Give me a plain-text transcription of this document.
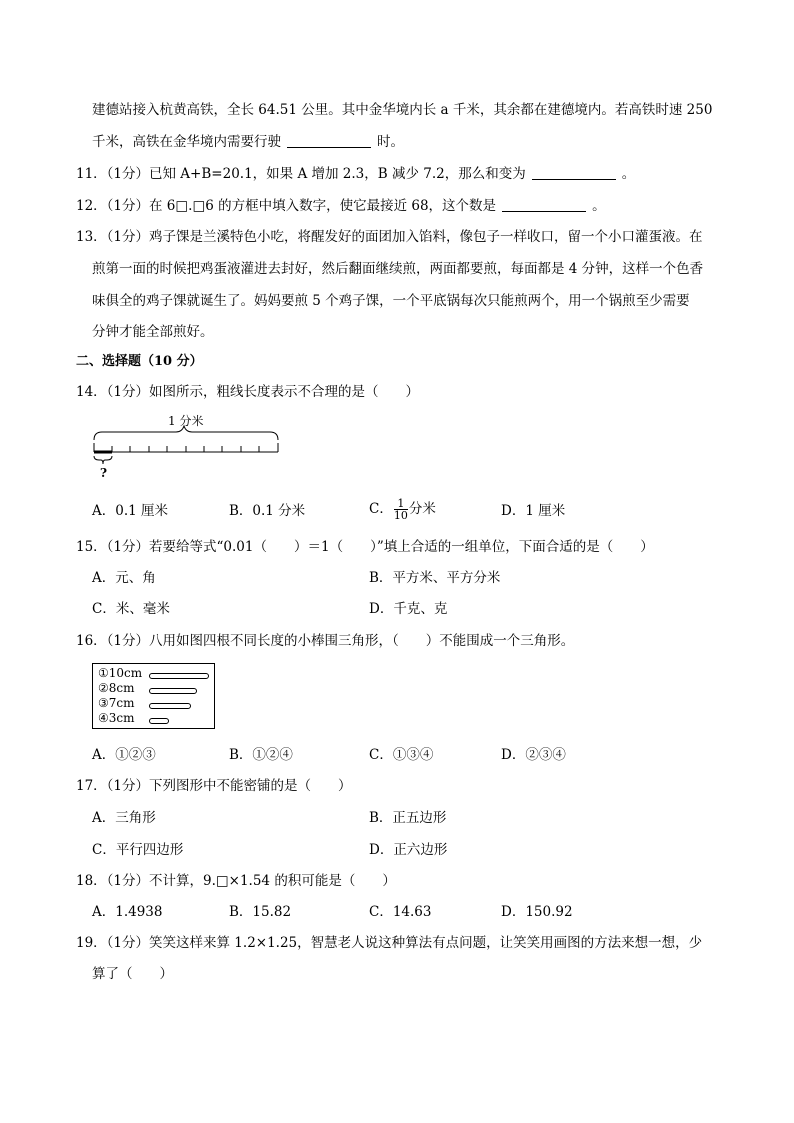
建德站接入杭黄高铁，全长 64.51 公里。其中金华境内长 a 千米，其余都在建德境内。若高铁时速 250
千米，高铁在金华境内需要行驶	时。
11．（1分）已知 A+B=20.1，如果 A 增加 2.3，B 减少 7.2，那么和变为	。
12．（1分）在 6□.□6 的方框中填入数字，使它最接近 68，这个数是	。
13．（1分）鸡子馃是兰溪特色小吃，将醒发好的面团加入馅料，像包子一样收口，留一个小口灌蛋液。在
煎第一面的时候把鸡蛋液灌进去封好，然后翻面继续煎，两面都要煎，每面都是 4 分钟，这样一个色香
味俱全的鸡子馃就诞生了。妈妈要煎 5 个鸡子馃，一个平底锅每次只能煎两个，用一个锅煎至少需要
分钟才能全部煎好。
二、选择题（10 分）
14．（1分）如图所示，粗线长度表示不合理的是（　　）
1 分米
?
A．0.1 厘米	B．0.1 分米	C． $\frac{1}{10}$ 分米	D．1 厘米
15．（1分）若要给等式“0.01（　　）＝1（　　）”填上合适的一组单位，下面合适的是（　　）
A．元、角	B．平方米、平方分米
C．米、毫米	D．千克、克
16．（1分）八用如图四根不同长度的小棒围三角形，（　　）不能围成一个三角形。
①10cm
②8cm
③7cm
④3cm
A．①②③	B．①②④	C．①③④	D．②③④
17．（1分）下列图形中不能密铺的是（　　）
A．三角形	B．正五边形
C．平行四边形	D．正六边形
18．（1分）不计算，9.□×1.54 的积可能是（　　）
A．1.4938	B．15.82	C．14.63	D．150.92
19．（1分）笑笑这样来算 1.2×1.25，智慧老人说这种算法有点问题，让笑笑用画图的方法来想一想，少
算了（　　）
